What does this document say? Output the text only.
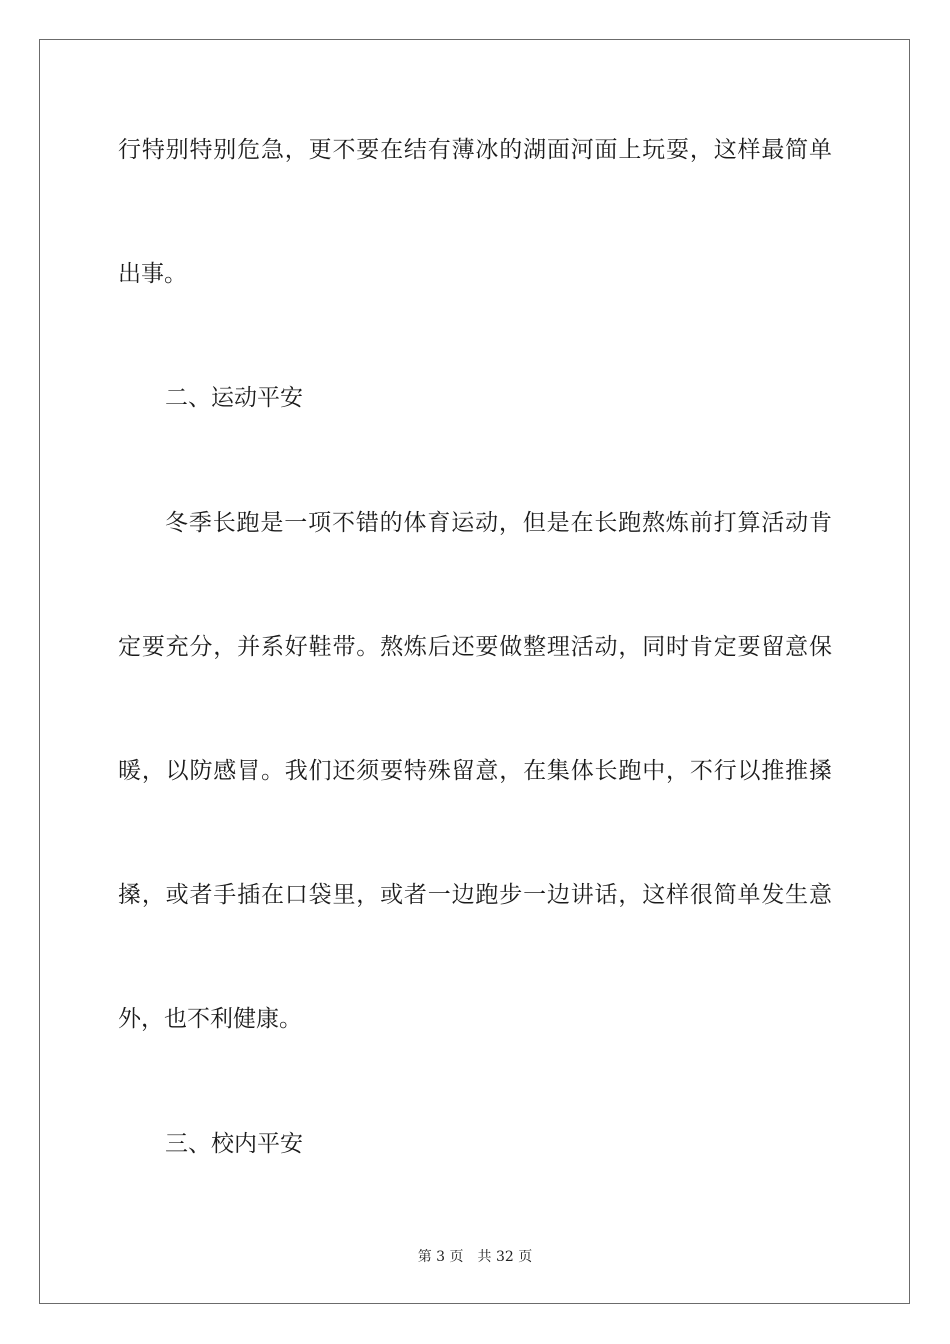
行特别特别危急，更不要在结有薄冰的湖面河面上玩耍，这样最简单
出事。
二、运动平安
冬季长跑是一项不错的体育运动，但是在长跑熬炼前打算活动肯
定要充分，并系好鞋带。熬炼后还要做整理活动，同时肯定要留意保
暖，以防感冒。我们还须要特殊留意，在集体长跑中，不行以推推搡
搡，或者手插在口袋里，或者一边跑步一边讲话，这样很简单发生意
外，也不利健康。
三、校内平安
第 3 页 共 32 页
